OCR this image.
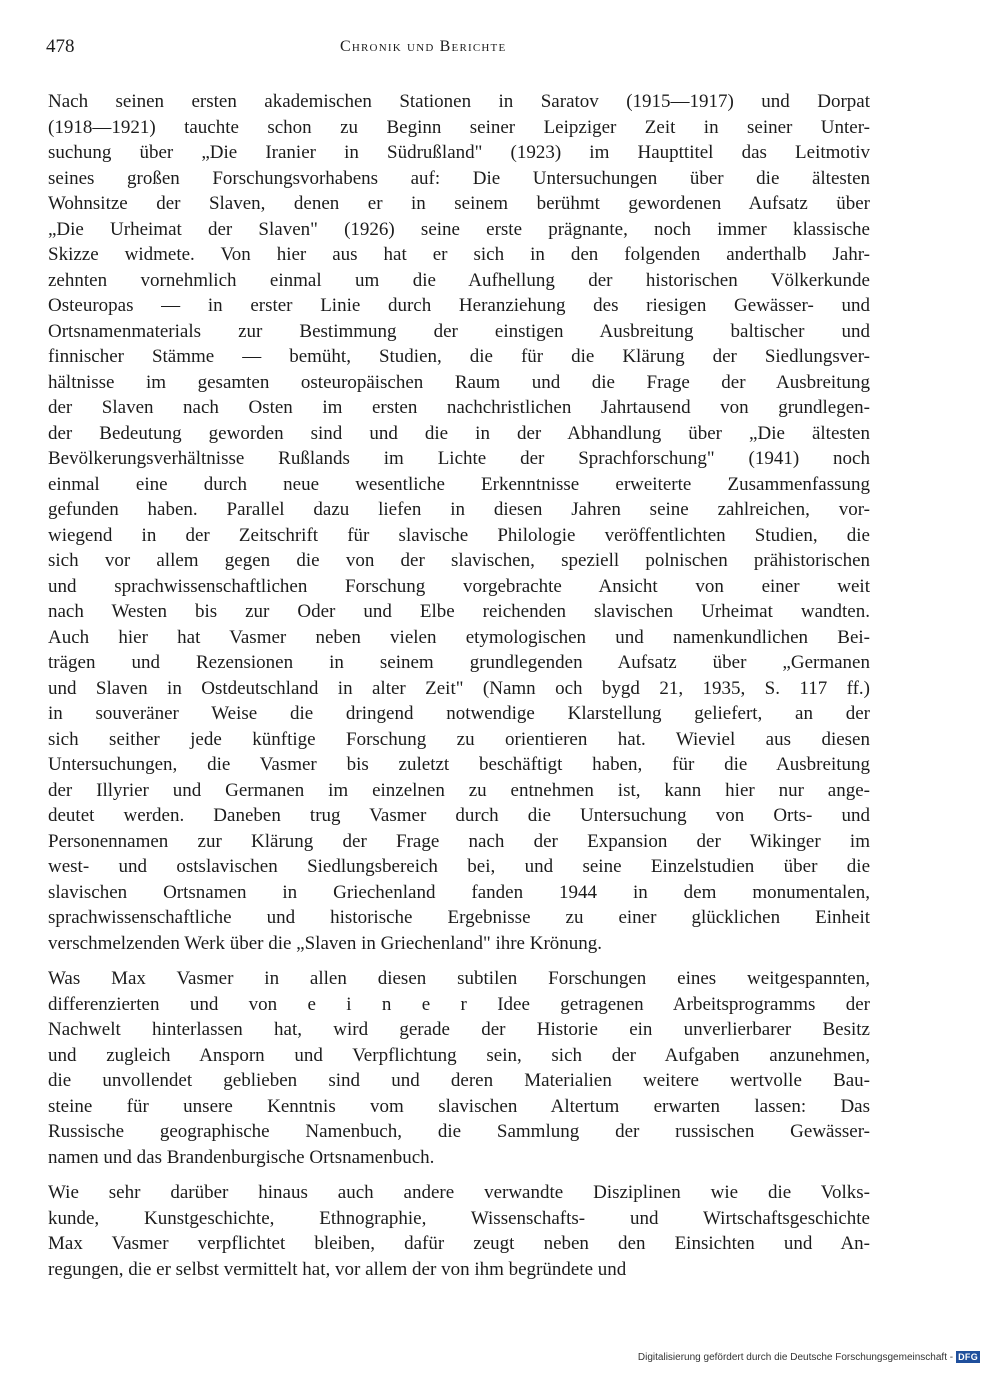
478	Chronik und Berichte
Nach seinen ersten akademischen Stationen in Saratov (1915—1917) und Dorpat
(1918—1921) tauchte schon zu Beginn seiner Leipziger Zeit in seiner Unter-
suchung über „Die Iranier in Südrußland" (1923) im Haupttitel das Leitmotiv
seines großen Forschungsvorhabens auf: Die Untersuchungen über die ältesten
Wohnsitze der Slaven, denen er in seinem berühmt gewordenen Aufsatz über
„Die Urheimat der Slaven" (1926) seine erste prägnante, noch immer klassische
Skizze widmete. Von hier aus hat er sich in den folgenden anderthalb Jahr-
zehnten vornehmlich einmal um die Aufhellung der historischen Völkerkunde
Osteuropas — in erster Linie durch Heranziehung des riesigen Gewässer- und
Ortsnamenmaterials zur Bestimmung der einstigen Ausbreitung baltischer und
finnischer Stämme — bemüht, Studien, die für die Klärung der Siedlungsver-
hältnisse im gesamten osteuropäischen Raum und die Frage der Ausbreitung
der Slaven nach Osten im ersten nachchristlichen Jahrtausend von grundlegen-
der Bedeutung geworden sind und die in der Abhandlung über „Die ältesten
Bevölkerungsverhältnisse Rußlands im Lichte der Sprachforschung" (1941) noch
einmal eine durch neue wesentliche Erkenntnisse erweiterte Zusammenfassung
gefunden haben. Parallel dazu liefen in diesen Jahren seine zahlreichen, vor-
wiegend in der Zeitschrift für slavische Philologie veröffentlichten Studien, die
sich vor allem gegen die von der slavischen, speziell polnischen prähistorischen
und sprachwissenschaftlichen Forschung vorgebrachte Ansicht von einer weit
nach Westen bis zur Oder und Elbe reichenden slavischen Urheimat wandten.
Auch hier hat Vasmer neben vielen etymologischen und namenkundlichen Bei-
trägen und Rezensionen in seinem grundlegenden Aufsatz über „Germanen
und Slaven in Ostdeutschland in alter Zeit" (Namn och bygd 21, 1935, S. 117 ff.)
in souveräner Weise die dringend notwendige Klarstellung geliefert, an der
sich seither jede künftige Forschung zu orientieren hat. Wieviel aus diesen
Untersuchungen, die Vasmer bis zuletzt beschäftigt haben, für die Ausbreitung
der Illyrier und Germanen im einzelnen zu entnehmen ist, kann hier nur ange-
deutet werden. Daneben trug Vasmer durch die Untersuchung von Orts- und
Personennamen zur Klärung der Frage nach der Expansion der Wikinger im
west- und ostslavischen Siedlungsbereich bei, und seine Einzelstudien über die
slavischen Ortsnamen in Griechenland fanden 1944 in dem monumentalen,
sprachwissenschaftliche und historische Ergebnisse zu einer glücklichen Einheit
verschmelzenden Werk über die „Slaven in Griechenland" ihre Krönung.
Was Max Vasmer in allen diesen subtilen Forschungen eines weitgespannten,
differenzierten und von e i n e r Idee getragenen Arbeitsprogramms der
Nachwelt hinterlassen hat, wird gerade der Historie ein unverlierbarer Besitz
und zugleich Ansporn und Verpflichtung sein, sich der Aufgaben anzunehmen,
die unvollendet geblieben sind und deren Materialien weitere wertvolle Bau-
steine für unsere Kenntnis vom slavischen Altertum erwarten lassen: Das
Russische geographische Namenbuch, die Sammlung der russischen Gewässer-
namen und das Brandenburgische Ortsnamenbuch.
Wie sehr darüber hinaus auch andere verwandte Disziplinen wie die Volks-
kunde, Kunstgeschichte, Ethnographie, Wissenschafts- und Wirtschaftsgeschichte
Max Vasmer verpflichtet bleiben, dafür zeugt neben den Einsichten und An-
regungen, die er selbst vermittelt hat, vor allem der von ihm begründete und
Digitalisierung gefördert durch die Deutsche Forschungsgemeinschaft - DFG
